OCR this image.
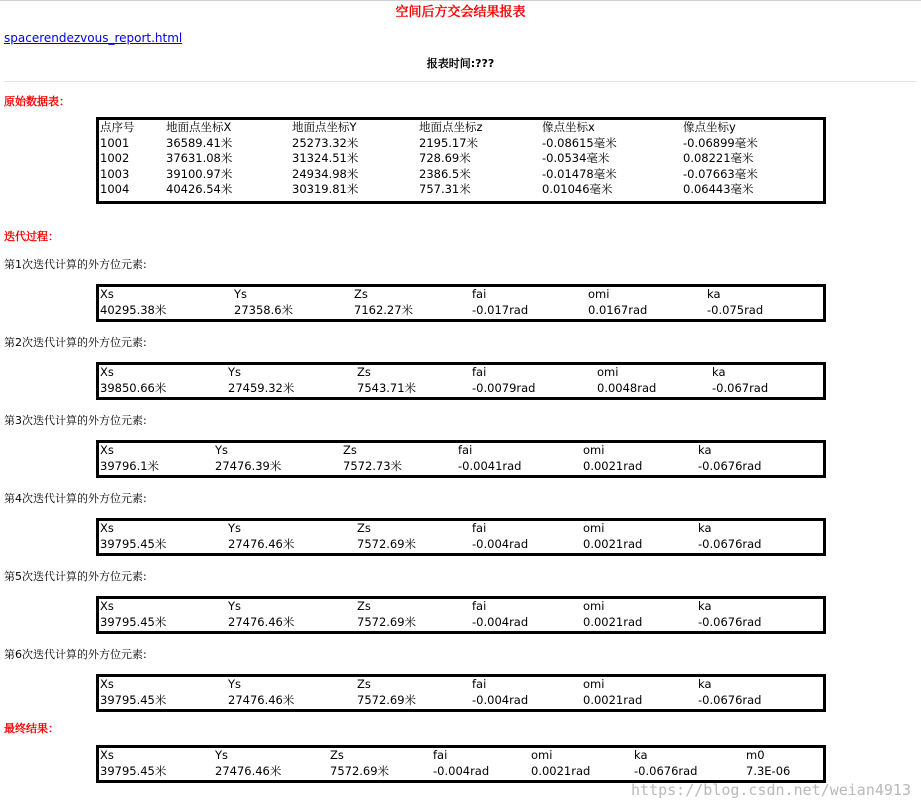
空间后方交会结果报表
spacerendezvous_report.html
报表时间:???
原始数据表：
点序号	地面点坐标X	地面点坐标Y	地面点坐标z	像点坐标x	像点坐标y
1001	36589.41米	25273.32米	2195.17米	-0.08615毫米	-0.06899毫米
1002	37631.08米	31324.51米	728.69米	-0.0534毫米	0.08221毫米
1003	39100.97米	24934.98米	2386.5米	-0.01478毫米	-0.07663毫米
1004	40426.54米	30319.81米	757.31米	0.01046毫米	0.06443毫米
迭代过程：
第1次迭代计算的外方位元素:
Xs	Ys	Zs	fai	omi	ka
40295.38米	27358.6米	7162.27米	-0.017rad	0.0167rad	-0.075rad
第2次迭代计算的外方位元素:
Xs	Ys	Zs	fai	omi	ka
39850.66米	27459.32米	7543.71米	-0.0079rad	0.0048rad	-0.067rad
第3次迭代计算的外方位元素:
Xs	Ys	Zs	fai	omi	ka
39796.1米	27476.39米	7572.73米	-0.0041rad	0.0021rad	-0.0676rad
第4次迭代计算的外方位元素:
Xs	Ys	Zs	fai	omi	ka
39795.45米	27476.46米	7572.69米	-0.004rad	0.0021rad	-0.0676rad
第5次迭代计算的外方位元素:
Xs	Ys	Zs	fai	omi	ka
39795.45米	27476.46米	7572.69米	-0.004rad	0.0021rad	-0.0676rad
第6次迭代计算的外方位元素:
Xs	Ys	Zs	fai	omi	ka
39795.45米	27476.46米	7572.69米	-0.004rad	0.0021rad	-0.0676rad
最终结果：
Xs	Ys	Zs	fai	omi	ka	m0
39795.45米	27476.46米	7572.69米	-0.004rad	0.0021rad	-0.0676rad	7.3E-06
https://blog.csdn.net/weian4913
